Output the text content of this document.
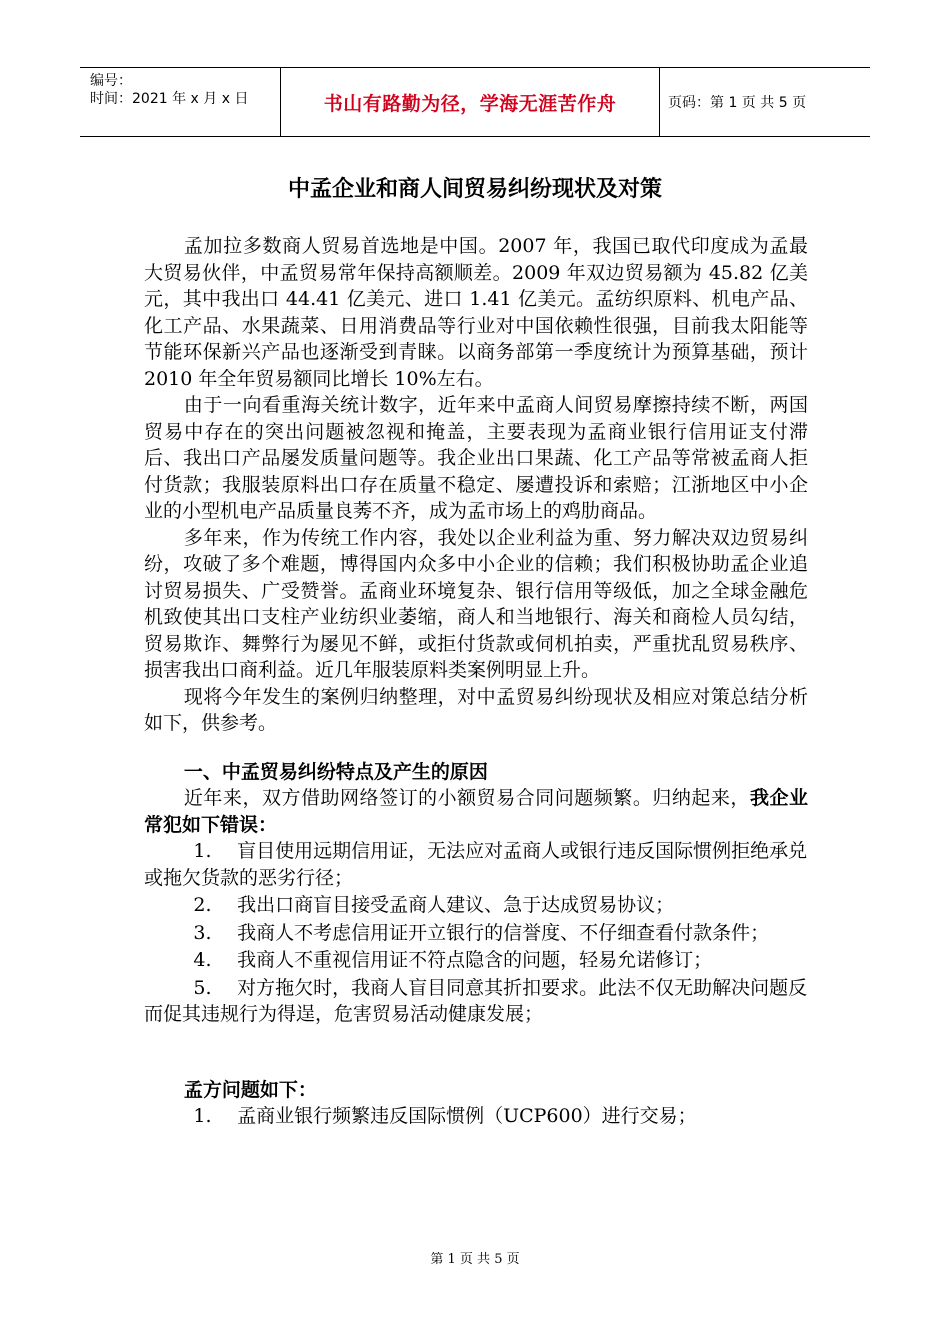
编号：
时间：2021 年 x 月 x 日	书山有路勤为径，学海无涯苦作舟	页码：第 1 页 共 5 页
中孟企业和商人间贸易纠纷现状及对策

孟加拉多数商人贸易首选地是中国。2007 年，我国已取代印度成为孟最大贸易伙伴，中孟贸易常年保持高额顺差。2009 年双边贸易额为 45.82 亿美元，其中我出口 44.41 亿美元、进口 1.41 亿美元。孟纺织原料、机电产品、化工产品、水果蔬菜、日用消费品等行业对中国依赖性很强，目前我太阳能等节能环保新兴产品也逐渐受到青睐。以商务部第一季度统计为预算基础，预计 2010 年全年贸易额同比增长 10%左右。

由于一向看重海关统计数字，近年来中孟商人间贸易摩擦持续不断，两国贸易中存在的突出问题被忽视和掩盖，主要表现为孟商业银行信用证支付滞后、我出口产品屡发质量问题等。我企业出口果蔬、化工产品等常被孟商人拒付货款；我服装原料出口存在质量不稳定、屡遭投诉和索赔；江浙地区中小企业的小型机电产品质量良莠不齐，成为孟市场上的鸡肋商品。

多年来，作为传统工作内容，我处以企业利益为重、努力解决双边贸易纠纷，攻破了多个难题，博得国内众多中小企业的信赖；我们积极协助孟企业追讨贸易损失、广受赞誉。孟商业环境复杂、银行信用等级低，加之全球金融危机致使其出口支柱产业纺织业萎缩，商人和当地银行、海关和商检人员勾结，贸易欺诈、舞弊行为屡见不鲜，或拒付货款或伺机拍卖，严重扰乱贸易秩序、损害我出口商利益。近几年服装原料类案例明显上升。

现将今年发生的案例归纳整理，对中孟贸易纠纷现状及相应对策总结分析如下，供参考。

一、中孟贸易纠纷特点及产生的原因

近年来，双方借助网络签订的小额贸易合同问题频繁。归纳起来，我企业常犯如下错误：

1. 盲目使用远期信用证，无法应对孟商人或银行违反国际惯例拒绝承兑或拖欠货款的恶劣行径；

2. 我出口商盲目接受孟商人建议、急于达成贸易协议；

3. 我商人不考虑信用证开立银行的信誉度、不仔细查看付款条件；

4. 我商人不重视信用证不符点隐含的问题，轻易允诺修订；

5. 对方拖欠时，我商人盲目同意其折扣要求。此法不仅无助解决问题反而促其违规行为得逞，危害贸易活动健康发展；

孟方问题如下：

1. 孟商业银行频繁违反国际惯例（UCP600）进行交易；

第 1 页 共 5 页
